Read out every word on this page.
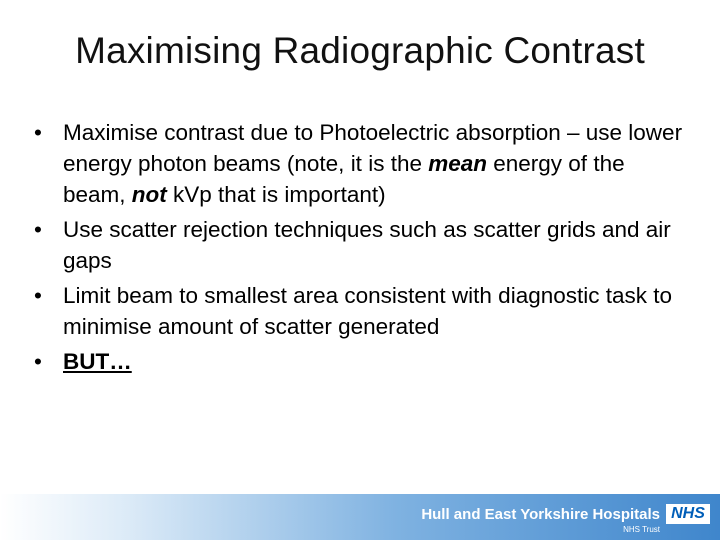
Maximising Radiographic Contrast
• Maximise contrast due to Photoelectric absorption – use lower energy photon beams (note, it is the mean energy of the beam, not kVp that is important)
• Use scatter rejection techniques such as scatter grids and air gaps
• Limit beam to smallest area consistent with diagnostic task to minimise amount of scatter generated
• BUT…
Hull and East Yorkshire Hospitals
NHS Trust
NHS
